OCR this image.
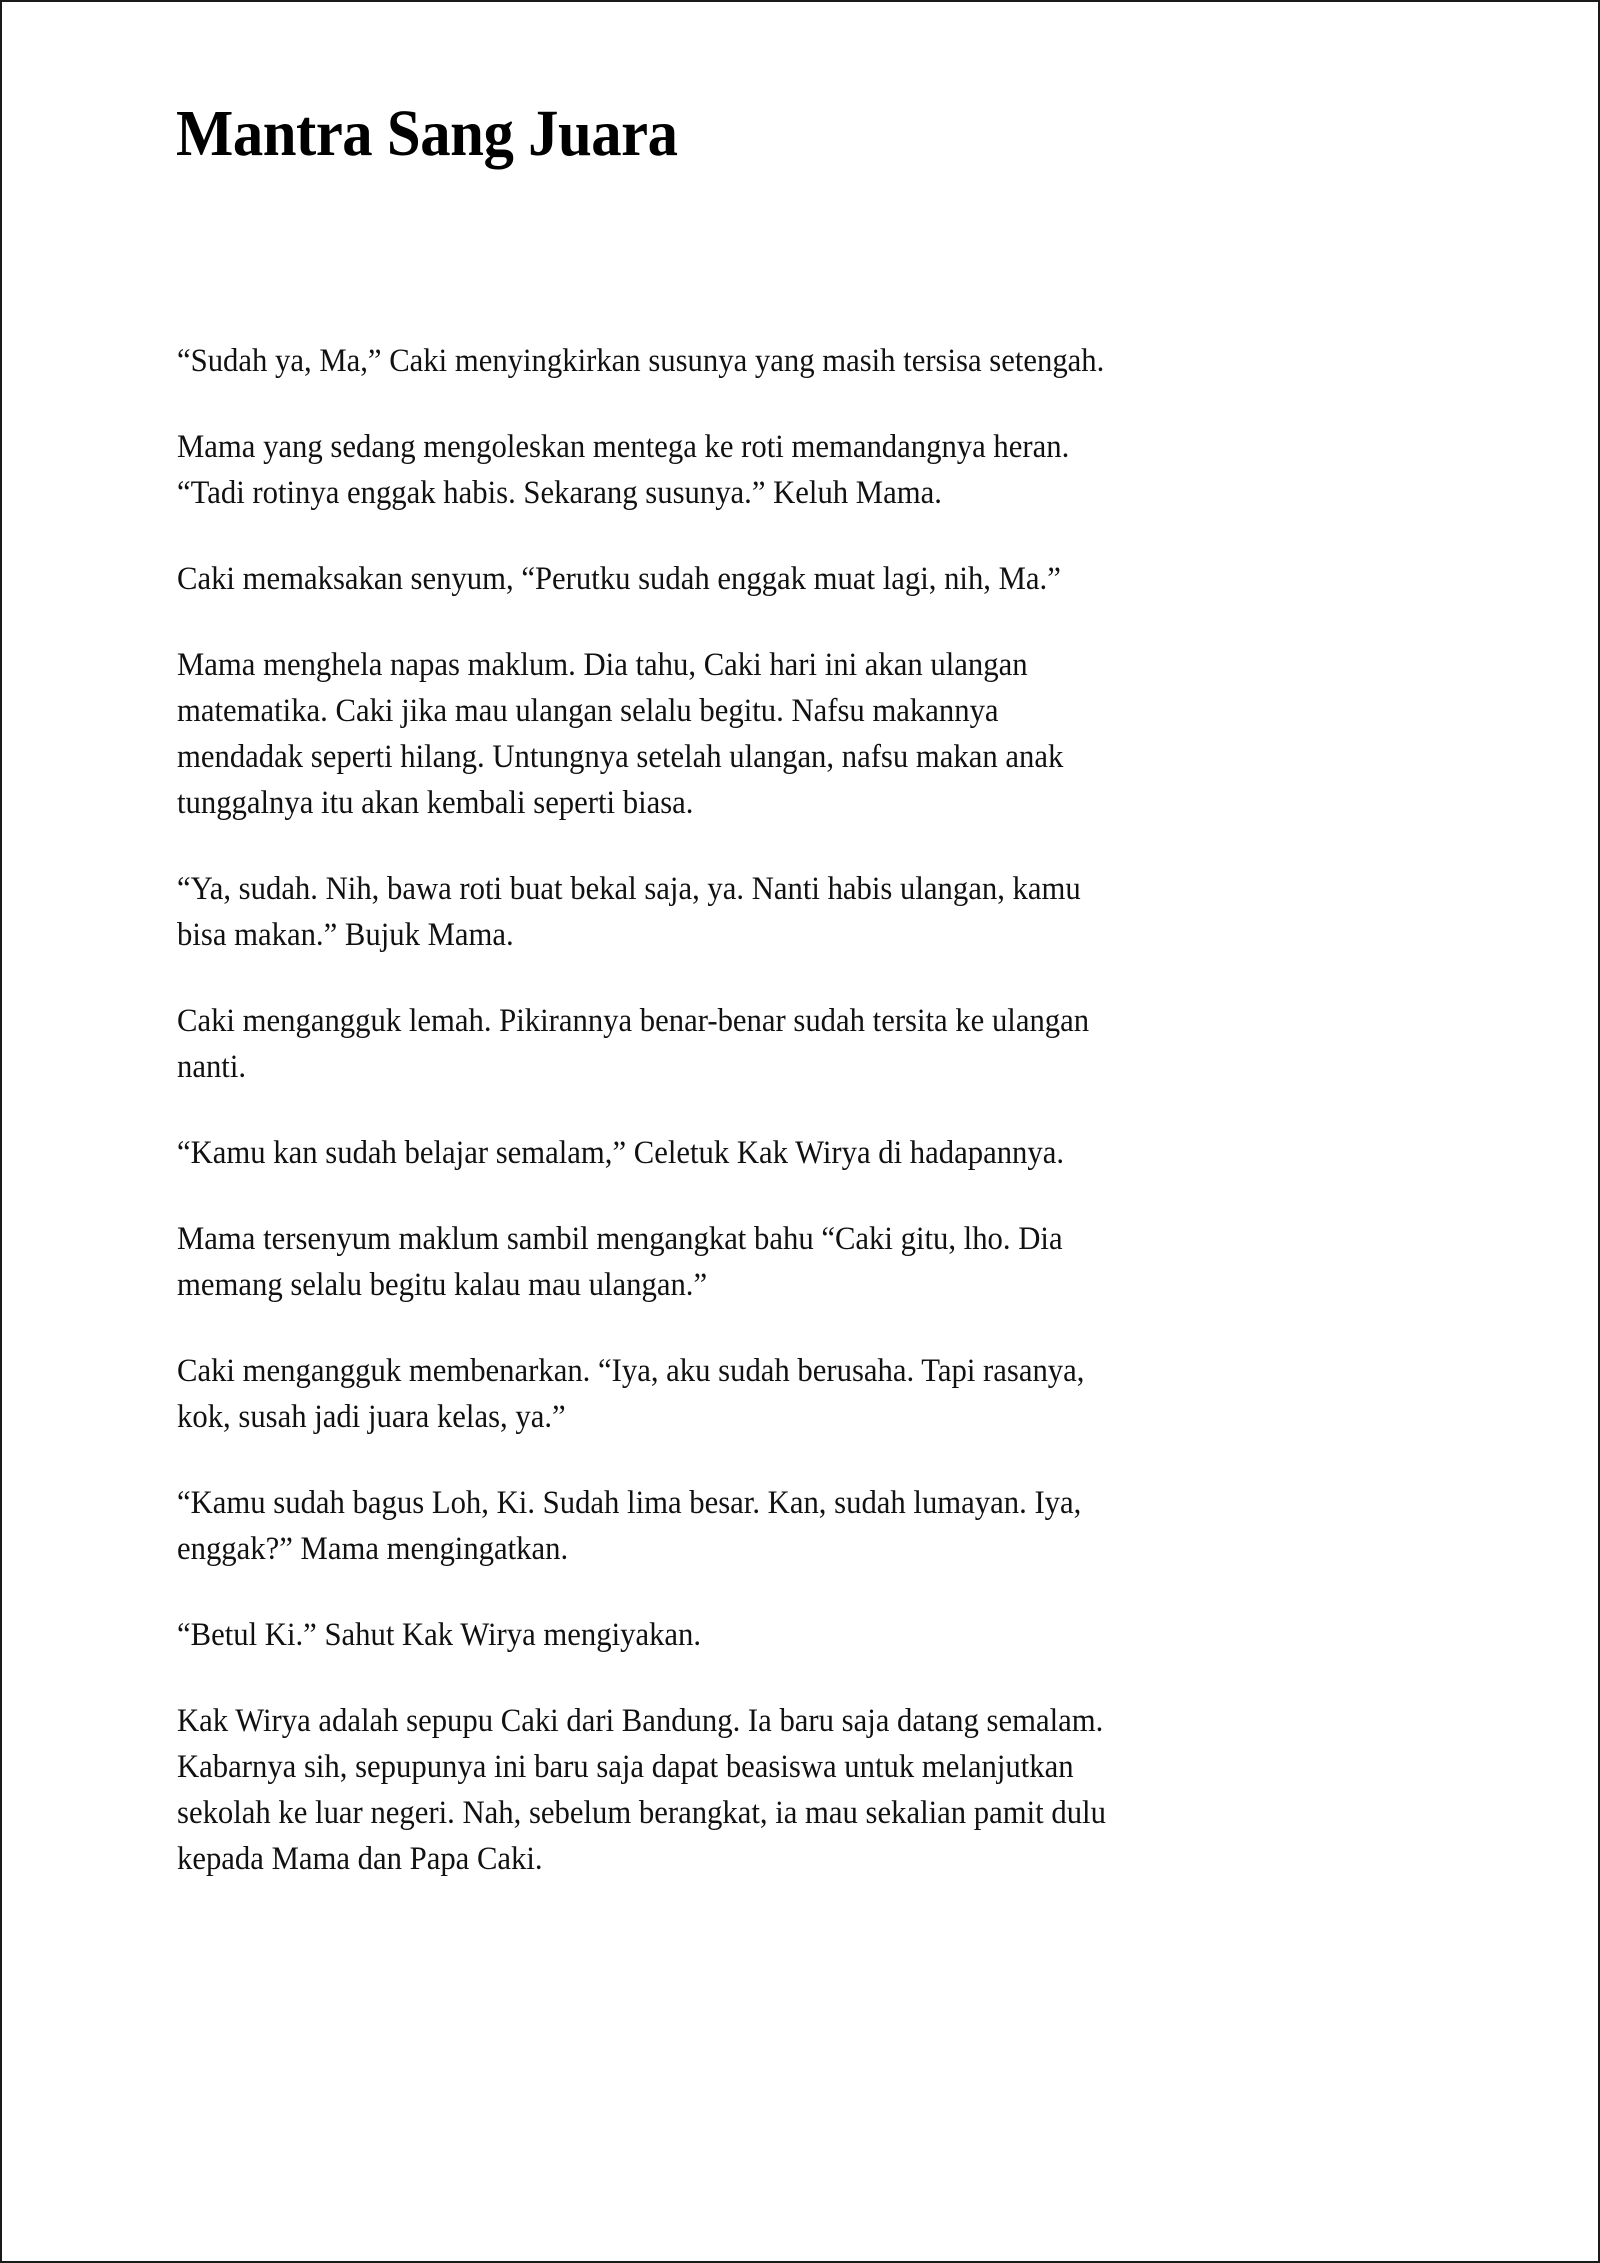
Mantra Sang Juara

“Sudah ya, Ma,” Caki menyingkirkan susunya yang masih tersisa setengah.

Mama yang sedang mengoleskan mentega ke roti memandangnya heran.
“Tadi rotinya enggak habis. Sekarang susunya.” Keluh Mama.

Caki memaksakan senyum, “Perutku sudah enggak muat lagi, nih, Ma.”

Mama menghela napas maklum. Dia tahu, Caki hari ini akan ulangan
matematika. Caki jika mau ulangan selalu begitu. Nafsu makannya
mendadak seperti hilang. Untungnya setelah ulangan, nafsu makan anak
tunggalnya itu akan kembali seperti biasa.

“Ya, sudah. Nih, bawa roti buat bekal saja, ya. Nanti habis ulangan, kamu
bisa makan.” Bujuk Mama.

Caki mengangguk lemah. Pikirannya benar-benar sudah tersita ke ulangan
nanti.

“Kamu kan sudah belajar semalam,” Celetuk Kak Wirya di hadapannya.

Mama tersenyum maklum sambil mengangkat bahu “Caki gitu, lho. Dia
memang selalu begitu kalau mau ulangan.”

Caki mengangguk membenarkan. “Iya, aku sudah berusaha. Tapi rasanya,
kok, susah jadi juara kelas, ya.”

“Kamu sudah bagus Loh, Ki. Sudah lima besar. Kan, sudah lumayan. Iya,
enggak?” Mama mengingatkan.

“Betul Ki.” Sahut Kak Wirya mengiyakan.

Kak Wirya adalah sepupu Caki dari Bandung. Ia baru saja datang semalam.
Kabarnya sih, sepupunya ini baru saja dapat beasiswa untuk melanjutkan
sekolah ke luar negeri. Nah, sebelum berangkat, ia mau sekalian pamit dulu
kepada Mama dan Papa Caki.
